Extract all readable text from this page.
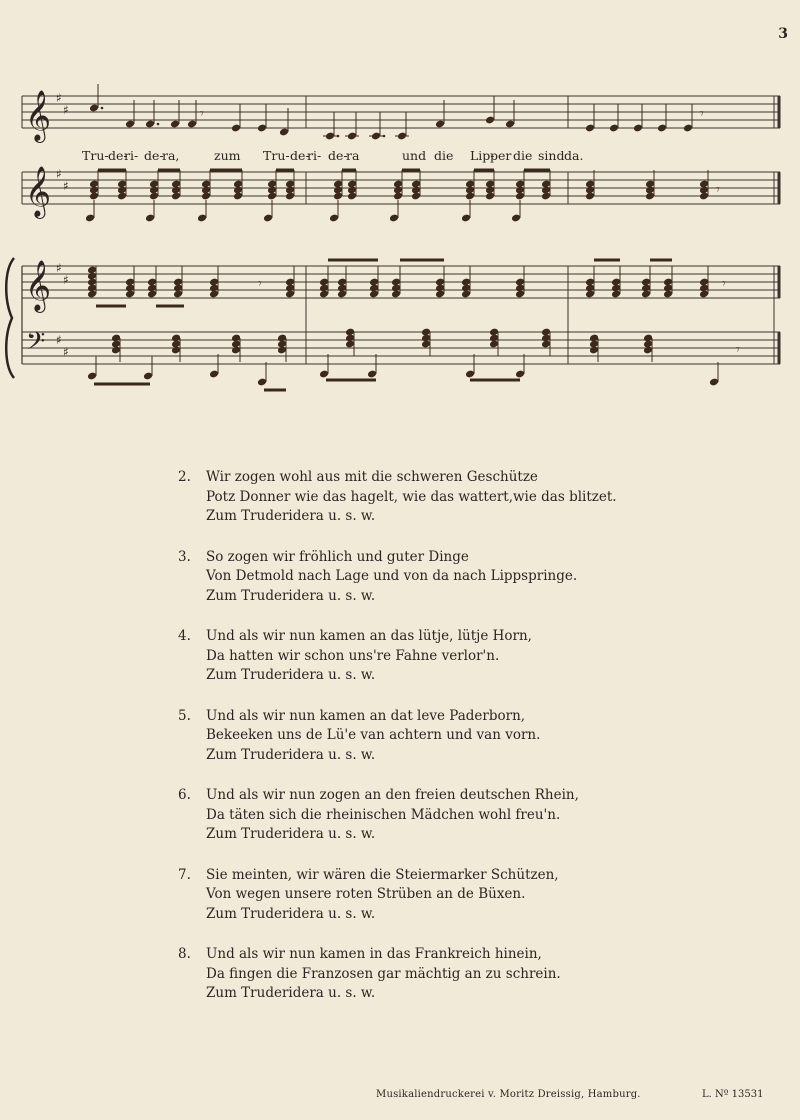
3
𝄞
𝄞
𝄞
𝄢
♯
♯
♯
♯
♯
♯
♯
♯
𝄾	𝄾
𝄾
𝄾	𝄾
𝄾
Tru- de-
ri- de-
ra,	zum Tru- de-
ri- de-
ra	und die Lip-
per die sind da.
2. Wir zogen wohl aus mit die schweren Geschütze
Potz Donner wie das hagelt, wie das wattert,wie das blitzet.
Zum Truderidera u. s. w.
3. So zogen wir fröhlich und guter Dinge
Von Detmold nach Lage und von da nach Lippspringe.
Zum Truderidera u. s. w.
4. Und als wir nun kamen an das lütje, lütje Horn,
Da hatten wir schon uns're Fahne verlor'n.
Zum Truderidera u. s. w.
5. Und als wir nun kamen an dat leve Paderborn,
Bekeeken uns de Lü'e van achtern und van vorn.
Zum Truderidera u. s. w.
6. Und als wir nun zogen an den freien deutschen Rhein,
Da täten sich die rheinischen Mädchen wohl freu'n.
Zum Truderidera u. s. w.
7. Sie meinten, wir wären die Steiermarker Schützen,
Von wegen unsere roten Strüben an de Büxen.
Zum Truderidera u. s. w.
8. Und als wir nun kamen in das Frankreich hinein,
Da fingen die Franzosen gar mächtig an zu schrein.
Zum Truderidera u. s. w.
Musikaliendruckerei v. Moritz Dreissig, Hamburg.	L. Nº 13531
